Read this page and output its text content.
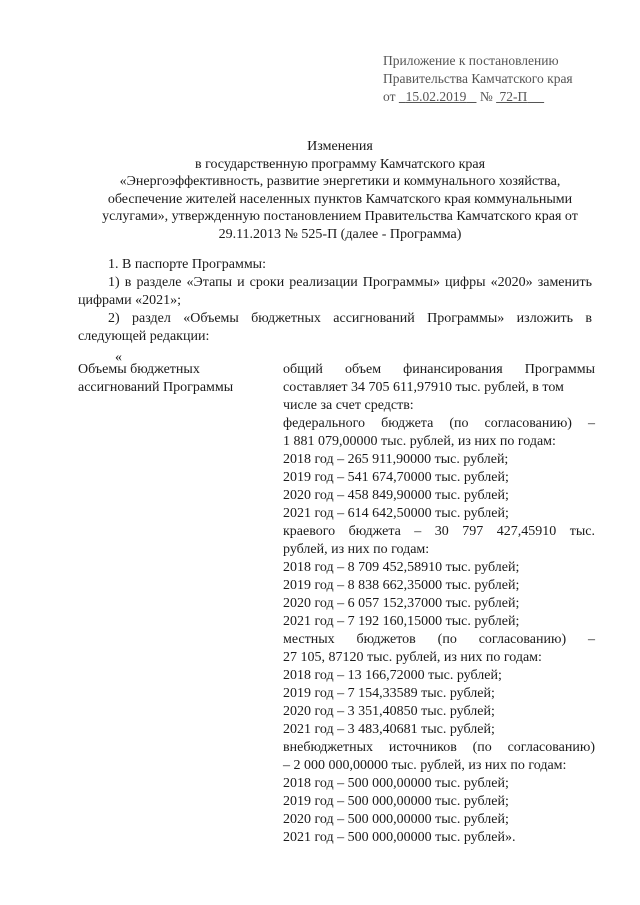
Приложение к постановлению
Правительства Камчатского края
от 15.02.2019 № 72-П
Изменения
в государственную программу Камчатского края
«Энергоэффективность, развитие энергетики и коммунального хозяйства,
обеспечение жителей населенных пунктов Камчатского края коммунальными
услугами», утвержденную постановлением Правительства Камчатского края от
29.11.2013 № 525-П (далее - Программа)

1. В паспорте Программы:

1) в разделе «Этапы и сроки реализации Программы» цифры «2020» заменить цифрами «2021»;

2) раздел «Объемы бюджетных ассигнований Программы» изложить в следующей редакции:

«
Объемы бюджетных
ассигнований Программы
общий объем финансирования Программы
составляет 34 705 611,97910 тыс. рублей, в том
числе за счет средств:
федерального бюджета (по согласованию) –
1 881 079,00000 тыс. рублей, из них по годам:
2018 год – 265 911,90000 тыс. рублей;
2019 год – 541 674,70000 тыс. рублей;
2020 год – 458 849,90000 тыс. рублей;
2021 год – 614 642,50000 тыс. рублей;
краевого бюджета – 30 797 427,45910 тыс.
рублей, из них по годам:
2018 год – 8 709 452,58910 тыс. рублей;
2019 год – 8 838 662,35000 тыс. рублей;
2020 год – 6 057 152,37000 тыс. рублей;
2021 год – 7 192 160,15000 тыс. рублей;
местных бюджетов (по согласованию) –
27 105, 87120 тыс. рублей, из них по годам:
2018 год – 13 166,72000 тыс. рублей;
2019 год – 7 154,33589 тыс. рублей;
2020 год – 3 351,40850 тыс. рублей;
2021 год – 3 483,40681 тыс. рублей;
внебюджетных источников (по согласованию)
– 2 000 000,00000 тыс. рублей, из них по годам:
2018 год – 500 000,00000 тыс. рублей;
2019 год – 500 000,00000 тыс. рублей;
2020 год – 500 000,00000 тыс. рублей;
2021 год – 500 000,00000 тыс. рублей».
